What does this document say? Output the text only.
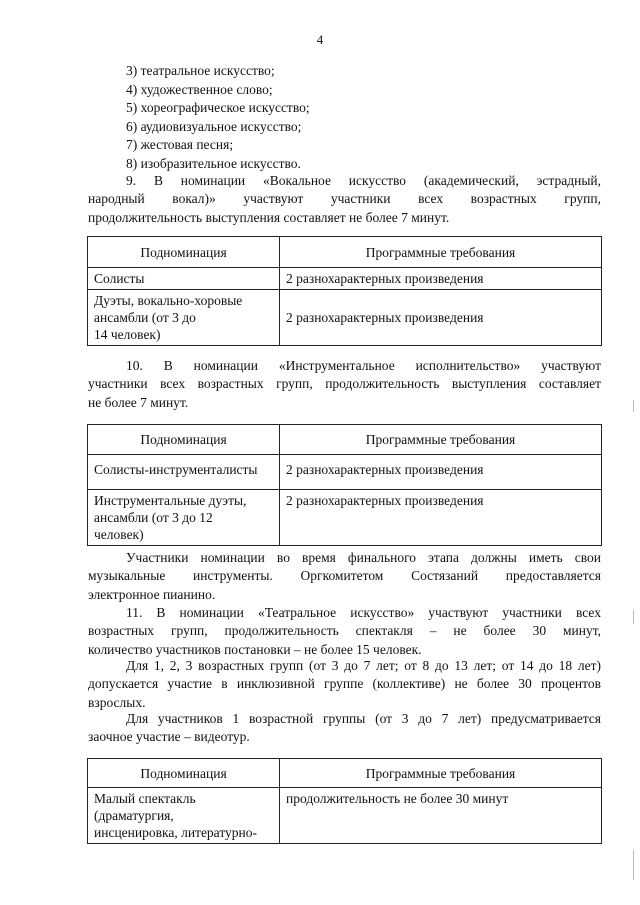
4
3) театральное искусство;
4) художественное слово;
5) хореографическое искусство;
6) аудиовизуальное искусство;
7) жестовая песня;
8) изобразительное искусство.
9. В номинации «Вокальное искусство (академический, эстрадный,
народный вокал)» участвуют участники всех возрастных групп,
продолжительность выступления составляет не более 7 минут.
Подноминация	Программные требования
Солисты	2 разнохарактерных произведения
Дуэты, вокально-хоровые
ансамбли (от 3 до
14 человек)	2 разнохарактерных произведения
10. В номинации «Инструментальное исполнительство» участвуют
участники всех возрастных групп, продолжительность выступления составляет
не более 7 минут.
Подноминация	Программные требования
Солисты-инструменталисты	2 разнохарактерных произведения
Инструментальные дуэты,
ансамбли (от 3 до 12
человек)	2 разнохарактерных произведения
Участники номинации во время финального этапа должны иметь свои
музыкальные инструменты. Оргкомитетом Состязаний предоставляется
электронное пианино.
11. В номинации «Театральное искусство» участвуют участники всех
возрастных групп, продолжительность спектакля – не более 30 минут,
количество участников постановки – не более 15 человек.
Для 1, 2, 3 возрастных групп (от 3 до 7 лет; от 8 до 13 лет; от 14 до 18 лет)
допускается участие в инклюзивной группе (коллективе) не более 30 процентов
взрослых.
Для участников 1 возрастной группы (от 3 до 7 лет) предусматривается
заочное участие – видеотур.
Подноминация	Программные требования
Малый спектакль
(драматургия,
инсценировка, литературно-	продолжительность не более 30 минут
